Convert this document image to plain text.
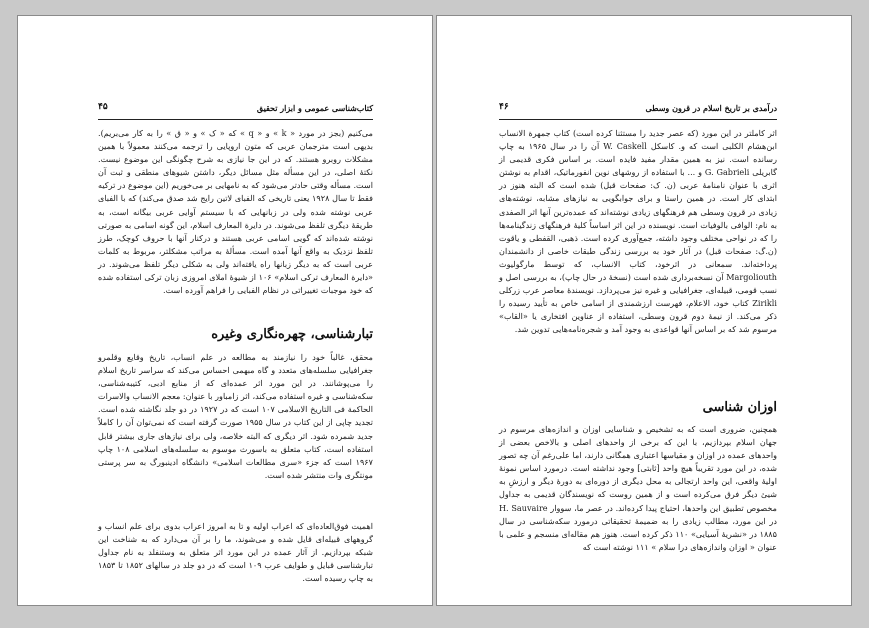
کتاب‌شناسی عمومی و ابزار تحقیق
۴۵

می‌کنیم (بجز در مورد « k » و « q » که « ک » و « ق » را به کار می‌بریم). بدیهی است مترجمان عربی که متون اروپایی را ترجمه می‌کنند معمولاً با همین مشکلات روبرو هستند. که در این جا نیازی به شرح چگونگی این موضوع نیست. نکتهٔ اصلی، در این مسأله مثل مسائل دیگر، داشتن شیوهای منطقی و ثبت آن است. مسأله وقتی حادتر می‌شود که به نامهایی بر می‌خوریم (این موضوع در ترکیه فقط تا سال ۱۹۲۸ یعنی تاریخی که الفبای لاتین رایج شد صدق می‌کند) که با الفبای عربی نوشته شده ولی در زبانهایی که با سیستم آوایی عربی بیگانه است، به طریقهٔ دیگری تلفظ می‌شوند. در دایرة المعارف اسلام، این گونه اسامی به صورتی نوشته شده‌اند که گویی اسامی عربی هستند و درکنار آنها با حروف کوچک، طرز تلفظ نزدیک به واقع آنها آمده است. مسألهٔ به مراتب مشکلتر، مربوط به کلمات عربی است که به دیگر زبانها راه یافته‌اند ولی به شکلی دیگر تلفظ می‌شوند. در «دایرة المعارف ترکی اسلام» ۱۰۶ از شیوهٔ املای امروزی زبان ترکی استفاده شده که خود موجبات تغییراتی در نظام الفبایی را فراهم آورده است.

تبارشناسی، چهره‌نگاری وغیره

محقق، غالباً خود را نیازمند به مطالعه در علم انساب، تاریخ وقایع وقلمرو جغرافیایی سلسله‌های متعدد و گاه مبهمی احساس می‌کند که سراسر تاریخ اسلام را می‌پوشانند. در این مورد اثر عمده‌ای که از منابع ادبی، کتیبه‌شناسی، سکه‌شناسی و غیره استفاده می‌کند، اثر زامباور با عنوان: معجم الانساب والاسرات الحاکمة فی التاریخ الاسلامی ۱۰۷ است که در ۱۹۲۷ در دو جلد نگاشته شده است. تجدید چاپی از این کتاب در سال ۱۹۵۵ صورت گرفته است که نمی‌توان آن را کاملاً جدید شمرده شود. اثر دیگری که البته خلاصه، ولی برای نیازهای جاری بیشتر قابل استفاده است، کتاب متعلق به باسورث موسوم به سلسله‌های اسلامی ۱۰۸ چاپ ۱۹۶۷ است که جزء «سری مطالعات اسلامی» دانشگاه ادینبورگ به سر پرستی مونتگری وات منتشر شده است.

اهمیت فوق‌العاده‌ای که اعراب اولیه و تا به امروز اعراب بدوی برای علم انساب و گروههای قبیله‌ای قایل شده و می‌شوند، ما را بر آن می‌دارد که به شناخت این شبکه بپردازیم. از آثار عمده در این مورد اثر متعلق به وستنفلد به نام جداول تبارشناسی قبایل و طوایف عرب ۱۰۹ است که در دو جلد در سالهای ۱۸۵۲ تا ۱۸۵۳ به چاپ رسیده است.

درآمدی بر تاریخ اسلام در قرون وسطی
۴۶

اثر کاملتر در این مورد (که عصر جدید را مستثنا کرده است) کتاب جمهرة الانساب ابن‌هشام الکلبی است که و. کاسکل W. Caskell آن را در سال ۱۹۶۵ به چاپ رسانده است. نیز به همین مقدار مفید فایده است. بر اساس فکری قدیمی از گابریلی G. Gabrieli و ... با استفاده از روشهای نوین انفورماتیک، اقدام به نوشتن اثری با عنوان نامنامهٔ عربی (ن. ک: صفحات قبل) شده است که البته هنوز در ابتدای کار است. در همین راستا و برای جوابگویی به نیازهای مشابه، نوشته‌های زیادی در قرون وسطی هم فرهنگهای زیادی نوشته‌اند که عمده‌ترین آنها اثر الصفدی به نام: الوافی بالوفیات است. نویسنده در این اثر اساساً کلیهٔ فرهنگهای زندگینامه‌ها را که در نواحی مختلف وجود داشته، جمع‌آوری کرده است. ذهبی، القفطی و یاقوت (ن.گ: صفحات قبل) در آثار خود به بررسی زندگی طبقات خاصی از دانشمندان پرداخته‌اند. سمعانی در اثرخود، کتاب الانساب، که توسط مارگولیوث Margoliouth آن نسخه‌برداری شده است (نسخهٔ در حال چاپ)، به بررسی اصل و نسب قومی، قبیله‌ای، جغرافیایی و غیره نیز می‌پردازد. نویسندهٔ معاصر عرب زرکلی Zirikli کتاب خود، الاعلام، فهرست ارزشمندی از اسامی خاص به تأیید رسیده را ذکر می‌کند. از نیمهٔ دوم قرون وسطی، استفاده از عناوین افتخاری یا «القاب» مرسوم شد که بر اساس آنها قواعدی به وجود آمد و شجره‌نامه‌هایی تدوین شد.

اوزان شناسی

همچنین، ضروری است که به تشخیص و شناسایی اوزان و اندازه‌های مرسوم در جهان اسلام بپردازیم، با این که برخی از واحدهای اصلی و بالاخص بعضی از واحدهای عمده در اوزان و مقیاسها اعتباری همگانی دارند، اما علی‌رغم آن چه تصور شده، در این مورد تقریباً هیچ واحد [ثابتی] وجود نداشته است. درمورد اساس نمونهٔ اولیهٔ واقعی، این واحد ارتجالی به محل دیگری از دوره‌ای به دورهٔ دیگر و ارزشِ به شیئ دیگر فرق می‌کرده است و از همین روست که نویسندگان قدیمی به جداول مخصوص تطبیق این واحدها، احتیاج پیدا کرده‌اند. در عصر ما، سووار H. Sauvaire در این مورد، مطالب زیادی را به ضمیمهٔ تحقیقاتی درمورد سکه‌شناسی در سال ۱۸۸۵ در «نشریهٔ آسیایی» ۱۱۰ ذکر کرده است. هنوز هم مقاله‌ای منسجم و علمی با عنوان « اوزان واندازه‌های درا سلام » ۱۱۱ نوشته است که
